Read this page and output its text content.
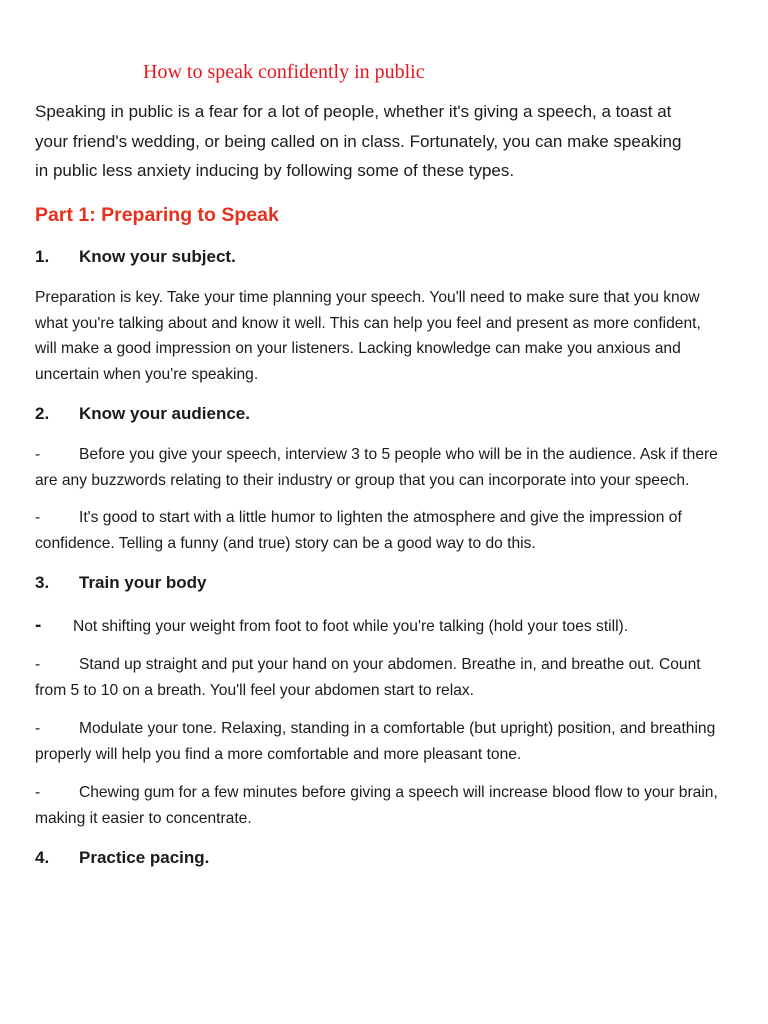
How to speak confidently in public
Speaking in public is a fear for a lot of people, whether it's giving a speech, a toast at
your friend's wedding, or being called on in class. Fortunately, you can make speaking
in public less anxiety inducing by following some of these types.
Part 1: Preparing to Speak
1. Know your subject.
Preparation is key. Take your time planning your speech. You'll need to make sure that you know
what you're talking about and know it well. This can help you feel and present as more confident,
will make a good impression on your listeners. Lacking knowledge can make you anxious and
uncertain when you're speaking.
2. Know your audience.
- Before you give your speech, interview 3 to 5 people who will be in the audience. Ask if there
are any buzzwords relating to their industry or group that you can incorporate into your speech.
- It's good to start with a little humor to lighten the atmosphere and give the impression of
confidence. Telling a funny (and true) story can be a good way to do this.
3. Train your body
- Not shifting your weight from foot to foot while you're talking (hold your toes still).
- Stand up straight and put your hand on your abdomen. Breathe in, and breathe out. Count
from 5 to 10 on a breath. You'll feel your abdomen start to relax.
- Modulate your tone. Relaxing, standing in a comfortable (but upright) position, and breathing
properly will help you find a more comfortable and more pleasant tone.
- Chewing gum for a few minutes before giving a speech will increase blood flow to your brain,
making it easier to concentrate.
4. Practice pacing.
